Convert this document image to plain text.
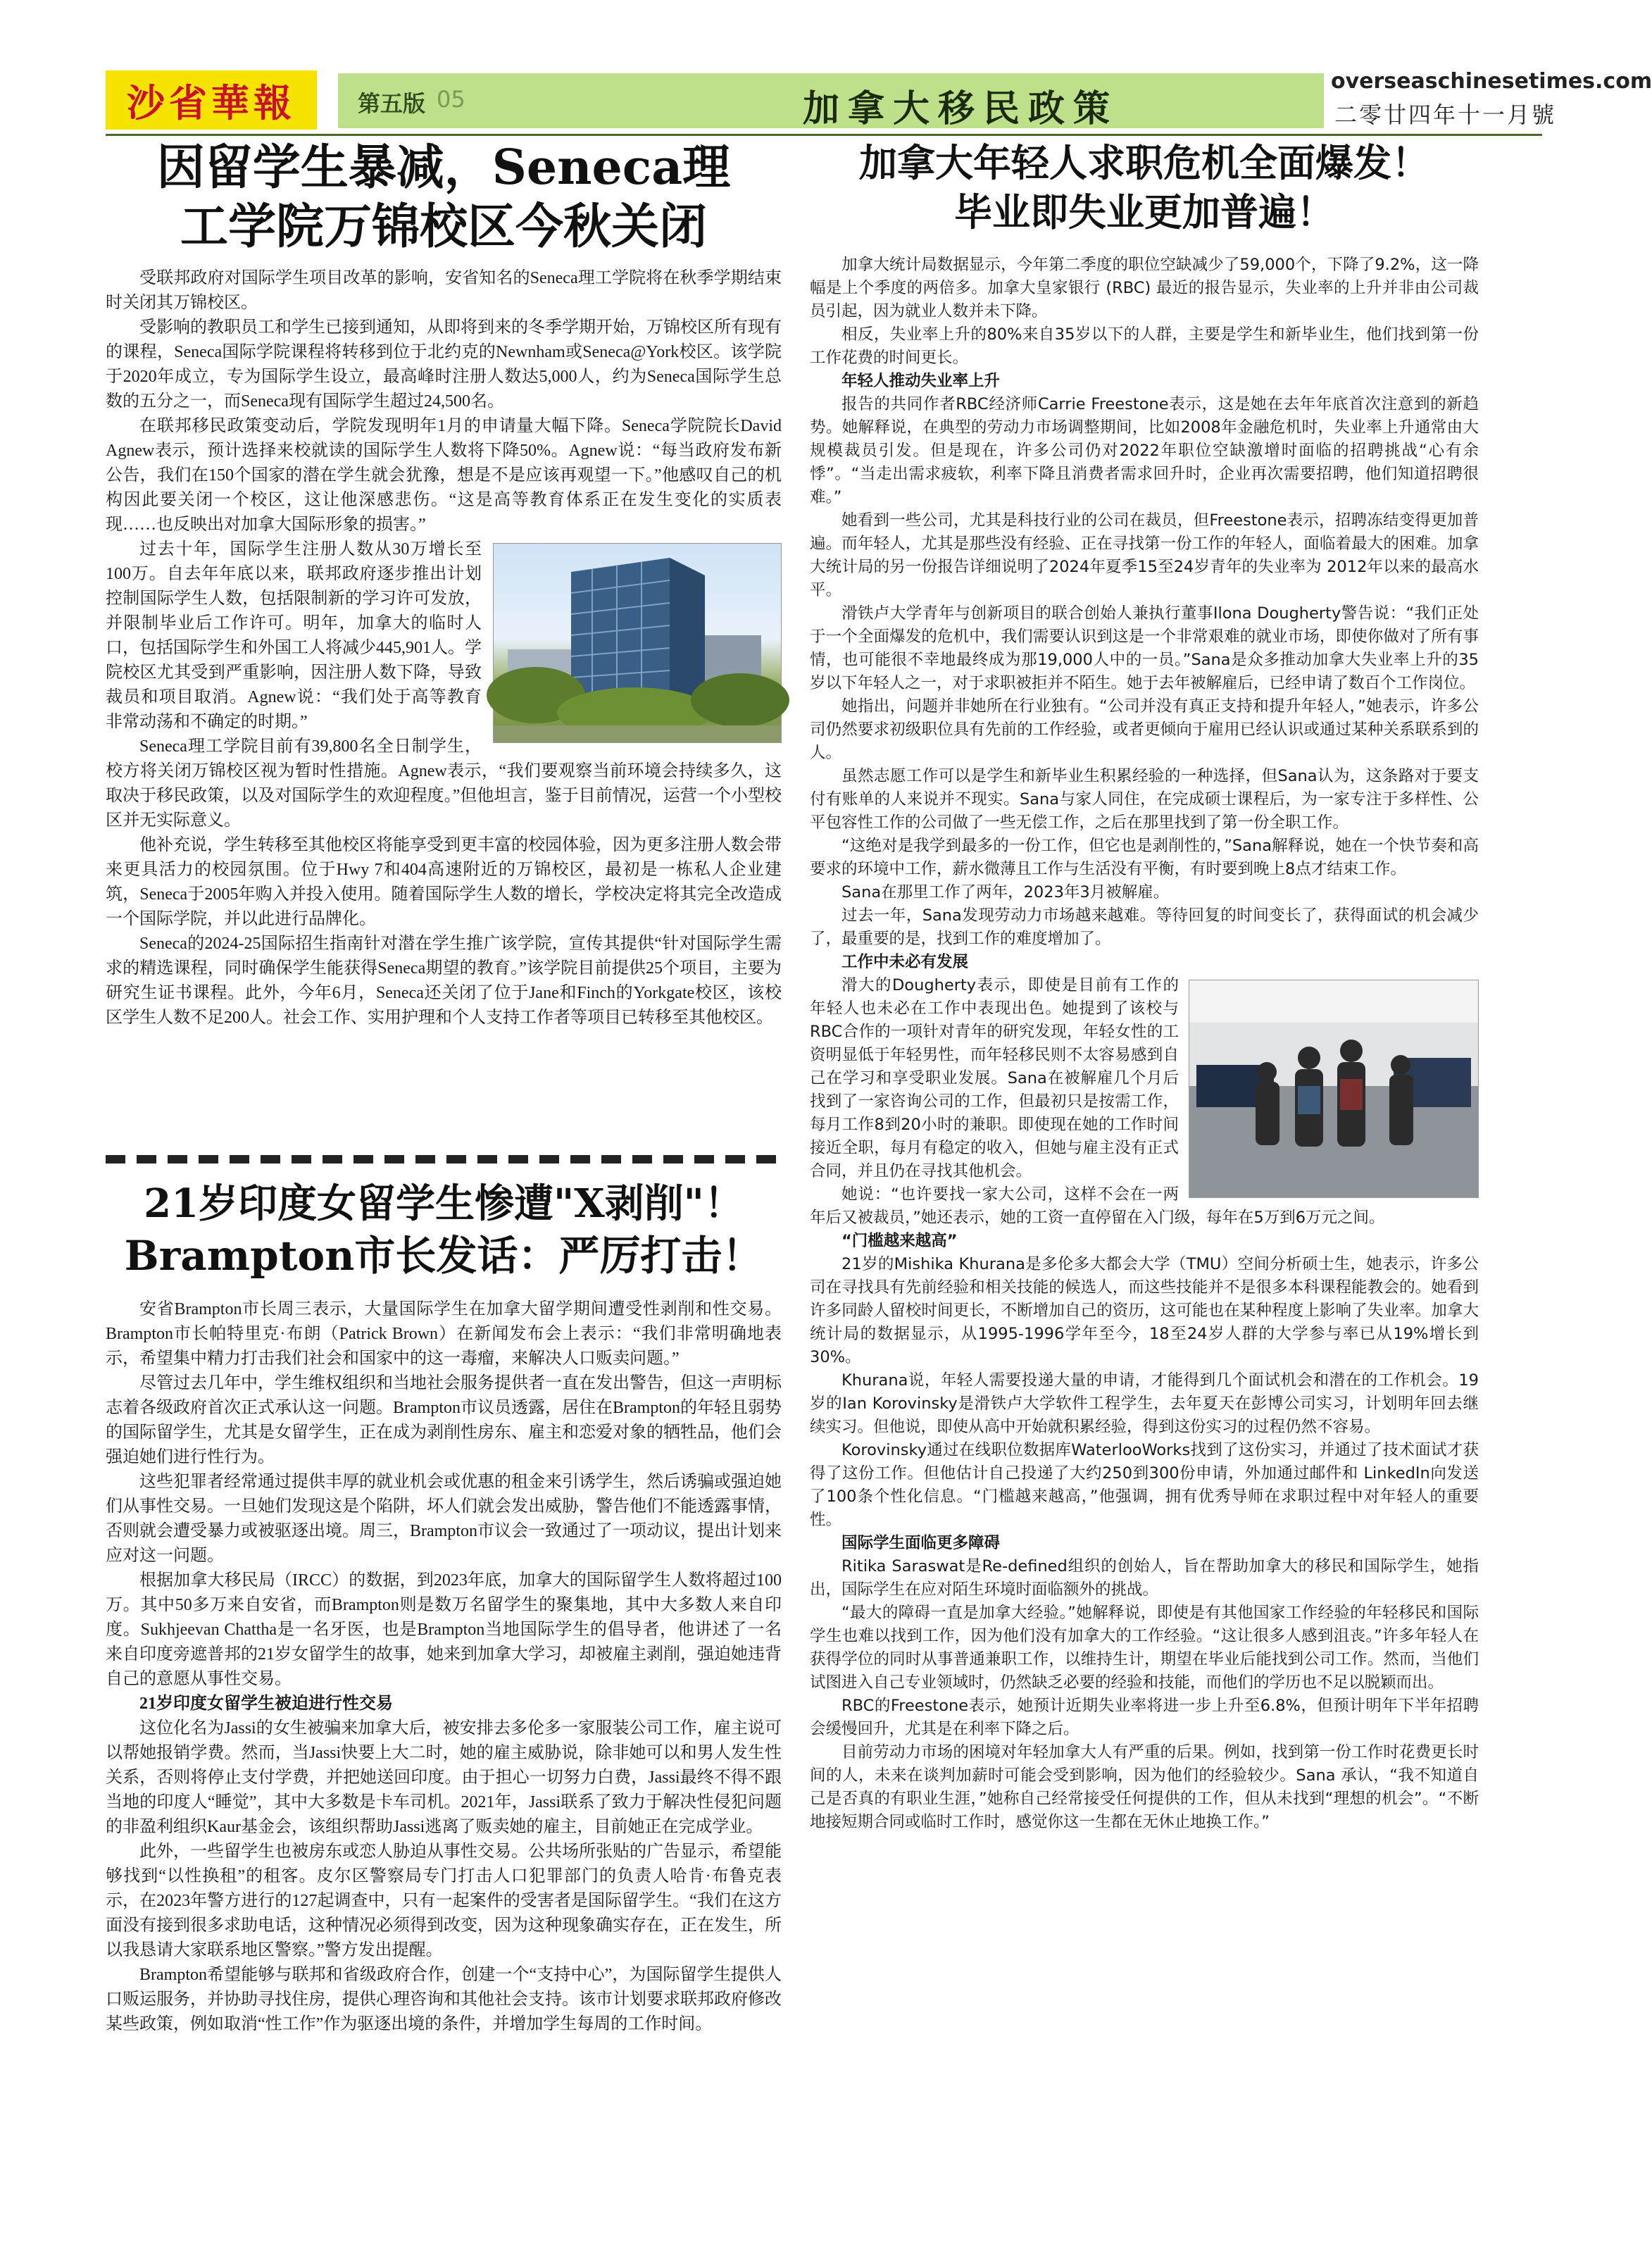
沙省華報	第五版 05	加拿大移民政策
overseaschinesetimes.com
二零廿四年十一月號
因留学生暴减，Seneca理工学院万锦校区今秋关闭

受联邦政府对国际学生项目改革的影响，安省知名的Seneca理工学院将在秋季学期结束时关闭其万锦校区。

受影响的教职员工和学生已接到通知，从即将到来的冬季学期开始，万锦校区所有现有的课程，Seneca国际学院课程将转移到位于北约克的Newnham或Seneca@York校区。该学院于2020年成立，专为国际学生设立，最高峰时注册人数达5,000人，约为Seneca国际学生总数的五分之一，而Seneca现有国际学生超过24,500名。

在联邦移民政策变动后，学院发现明年1月的申请量大幅下降。Seneca学院院长David Agnew表示，预计选择来校就读的国际学生人数将下降50%。Agnew说：“每当政府发布新公告，我们在150个国家的潜在学生就会犹豫，想是不是应该再观望一下。”他感叹自己的机构因此要关闭一个校区，这让他深感悲伤。“这是高等教育体系正在发生变化的实质表现……也反映出对加拿大国际形象的损害。”

过去十年，国际学生注册人数从30万增长至100万。自去年年底以来，联邦政府逐步推出计划控制国际学生人数，包括限制新的学习许可发放，并限制毕业后工作许可。明年，加拿大的临时人口，包括国际学生和外国工人将减少445,901人。学院校区尤其受到严重影响，因注册人数下降，导致裁员和项目取消。Agnew说：“我们处于高等教育非常动荡和不确定的时期。”

Seneca理工学院目前有39,800名全日制学生，校方将关闭万锦校区视为暂时性措施。Agnew表示，“我们要观察当前环境会持续多久，这取决于移民政策，以及对国际学生的欢迎程度。”但他坦言，鉴于目前情况，运营一个小型校区并无实际意义。

他补充说，学生转移至其他校区将能享受到更丰富的校园体验，因为更多注册人数会带来更具活力的校园氛围。位于Hwy 7和404高速附近的万锦校区，最初是一栋私人企业建筑，Seneca于2005年购入并投入使用。随着国际学生人数的增长，学校决定将其完全改造成一个国际学院，并以此进行品牌化。

Seneca的2024-25国际招生指南针对潜在学生推广该学院，宣传其提供“针对国际学生需求的精选课程，同时确保学生能获得Seneca期望的教育。”该学院目前提供25个项目，主要为研究生证书课程。此外，今年6月，Seneca还关闭了位于Jane和Finch的Yorkgate校区，该校区学生人数不足200人。社会工作、实用护理和个人支持工作者等项目已转移至其他校区。

21岁印度女留学生惨遭"X剥削"！
Brampton市长发话：严厉打击！

安省Brampton市长周三表示，大量国际学生在加拿大留学期间遭受性剥削和性交易。Brampton市长帕特里克·布朗（Patrick Brown）在新闻发布会上表示：“我们非常明确地表示，希望集中精力打击我们社会和国家中的这一毒瘤，来解决人口贩卖问题。”

尽管过去几年中，学生维权组织和当地社会服务提供者一直在发出警告，但这一声明标志着各级政府首次正式承认这一问题。Brampton市议员透露，居住在Brampton的年轻且弱势的国际留学生，尤其是女留学生，正在成为剥削性房东、雇主和恋爱对象的牺牲品，他们会强迫她们进行性行为。

这些犯罪者经常通过提供丰厚的就业机会或优惠的租金来引诱学生，然后诱骗或强迫她们从事性交易。一旦她们发现这是个陷阱，坏人们就会发出威胁，警告他们不能透露事情，否则就会遭受暴力或被驱逐出境。周三，Brampton市议会一致通过了一项动议，提出计划来应对这一问题。

根据加拿大移民局（IRCC）的数据，到2023年底，加拿大的国际留学生人数将超过100万。其中50多万来自安省，而Brampton则是数万名留学生的聚集地，其中大多数人来自印度。Sukhjeevan Chattha是一名牙医，也是Brampton当地国际学生的倡导者，他讲述了一名来自印度旁遮普邦的21岁女留学生的故事，她来到加拿大学习，却被雇主剥削，强迫她违背自己的意愿从事性交易。

21岁印度女留学生被迫进行性交易

这位化名为Jassi的女生被骗来加拿大后，被安排去多伦多一家服装公司工作，雇主说可以帮她报销学费。然而，当Jassi快要上大二时，她的雇主威胁说，除非她可以和男人发生性关系，否则将停止支付学费，并把她送回印度。由于担心一切努力白费，Jassi最终不得不跟当地的印度人“睡觉”，其中大多数是卡车司机。2021年，Jassi联系了致力于解决性侵犯问题的非盈利组织Kaur基金会，该组织帮助Jassi逃离了贩卖她的雇主，目前她正在完成学业。

此外，一些留学生也被房东或恋人胁迫从事性交易。公共场所张贴的广告显示，希望能够找到“以性换租”的租客。皮尔区警察局专门打击人口犯罪部门的负责人哈肯·布鲁克表示，在2023年警方进行的127起调查中，只有一起案件的受害者是国际留学生。“我们在这方面没有接到很多求助电话，这种情况必须得到改变，因为这种现象确实存在，正在发生，所以我恳请大家联系地区警察。”警方发出提醒。

Brampton希望能够与联邦和省级政府合作，创建一个“支持中心”，为国际留学生提供人口贩运服务，并协助寻找住房，提供心理咨询和其他社会支持。该市计划要求联邦政府修改某些政策，例如取消“性工作”作为驱逐出境的条件，并增加学生每周的工作时间。

加拿大年轻人求职危机全面爆发！
毕业即失业更加普遍！

加拿大统计局数据显示，今年第二季度的职位空缺减少了59,000个，下降了9.2%，这一降幅是上个季度的两倍多。加拿大皇家银行 (RBC) 最近的报告显示，失业率的上升并非由公司裁员引起，因为就业人数并未下降。

相反，失业率上升的80%来自35岁以下的人群，主要是学生和新毕业生，他们找到第一份工作花费的时间更长。

年轻人推动失业率上升

报告的共同作者RBC经济师Carrie Freestone表示，这是她在去年年底首次注意到的新趋势。她解释说，在典型的劳动力市场调整期间，比如2008年金融危机时，失业率上升通常由大规模裁员引发。但是现在，许多公司仍对2022年职位空缺激增时面临的招聘挑战“心有余悸”。“当走出需求疲软，利率下降且消费者需求回升时，企业再次需要招聘，他们知道招聘很难。”

她看到一些公司，尤其是科技行业的公司在裁员，但Freestone表示，招聘冻结变得更加普遍。而年轻人，尤其是那些没有经验、正在寻找第一份工作的年轻人，面临着最大的困难。加拿大统计局的另一份报告详细说明了2024年夏季15至24岁青年的失业率为 2012年以来的最高水平。

滑铁卢大学青年与创新项目的联合创始人兼执行董事Ilona Dougherty警告说：“我们正处于一个全面爆发的危机中，我们需要认识到这是一个非常艰难的就业市场，即使你做对了所有事情，也可能很不幸地最终成为那19,000人中的一员。”Sana是众多推动加拿大失业率上升的35岁以下年轻人之一，对于求职被拒并不陌生。她于去年被解雇后，已经申请了数百个工作岗位。

她指出，问题并非她所在行业独有。“公司并没有真正支持和提升年轻人，”她表示，许多公司仍然要求初级职位具有先前的工作经验，或者更倾向于雇用已经认识或通过某种关系联系到的人。

虽然志愿工作可以是学生和新毕业生积累经验的一种选择，但Sana认为，这条路对于要支付有账单的人来说并不现实。Sana与家人同住，在完成硕士课程后，为一家专注于多样性、公平包容性工作的公司做了一些无偿工作，之后在那里找到了第一份全职工作。

“这绝对是我学到最多的一份工作，但它也是剥削性的，”Sana解释说，她在一个快节奏和高要求的环境中工作，薪水微薄且工作与生活没有平衡，有时要到晚上8点才结束工作。

Sana在那里工作了两年，2023年3月被解雇。

过去一年，Sana发现劳动力市场越来越难。等待回复的时间变长了，获得面试的机会减少了，最重要的是，找到工作的难度增加了。

工作中未必有发展

滑大的Dougherty表示，即使是目前有工作的年轻人也未必在工作中表现出色。她提到了该校与RBC合作的一项针对青年的研究发现，年轻女性的工资明显低于年轻男性，而年轻移民则不太容易感到自己在学习和享受职业发展。Sana在被解雇几个月后找到了一家咨询公司的工作，但最初只是按需工作，每月工作8到20小时的兼职。即使现在她的工作时间接近全职，每月有稳定的收入，但她与雇主没有正式合同，并且仍在寻找其他机会。

她说：“也许要找一家大公司，这样不会在一两年后又被裁员，”她还表示，她的工资一直停留在入门级，每年在5万到6万元之间。

“门槛越来越高”

21岁的Mishika Khurana是多伦多大都会大学（TMU）空间分析硕士生，她表示，许多公司在寻找具有先前经验和相关技能的候选人，而这些技能并不是很多本科课程能教会的。她看到许多同龄人留校时间更长，不断增加自己的资历，这可能也在某种程度上影响了失业率。加拿大统计局的数据显示，从1995-1996学年至今，18至24岁人群的大学参与率已从19%增长到30%。

Khurana说，年轻人需要投递大量的申请，才能得到几个面试机会和潜在的工作机会。19岁的Ian Korovinsky是滑铁卢大学软件工程学生，去年夏天在彭博公司实习，计划明年回去继续实习。但他说，即使从高中开始就积累经验，得到这份实习的过程仍然不容易。

Korovinsky通过在线职位数据库WaterlooWorks找到了这份实习，并通过了技术面试才获得了这份工作。但他估计自己投递了大约250到300份申请，外加通过邮件和 LinkedIn向发送了100条个性化信息。“门槛越来越高，”他强调，拥有优秀导师在求职过程中对年轻人的重要性。

国际学生面临更多障碍

Ritika Saraswat是Re-defined组织的创始人，旨在帮助加拿大的移民和国际学生，她指出，国际学生在应对陌生环境时面临额外的挑战。

“最大的障碍一直是加拿大经验。”她解释说，即使是有其他国家工作经验的年轻移民和国际学生也难以找到工作，因为他们没有加拿大的工作经验。“这让很多人感到沮丧。”许多年轻人在获得学位的同时从事普通兼职工作，以维持生计，期望在毕业后能找到公司工作。然而，当他们试图进入自己专业领域时，仍然缺乏必要的经验和技能，而他们的学历也不足以脱颖而出。

RBC的Freestone表示，她预计近期失业率将进一步上升至6.8%，但预计明年下半年招聘会缓慢回升，尤其是在利率下降之后。

目前劳动力市场的困境对年轻加拿大人有严重的后果。例如，找到第一份工作时花费更长时间的人，未来在谈判加薪时可能会受到影响，因为他们的经验较少。Sana 承认，“我不知道自己是否真的有职业生涯，”她称自己经常接受任何提供的工作，但从未找到“理想的机会”。“不断地接短期合同或临时工作时，感觉你这一生都在无休止地换工作。”
